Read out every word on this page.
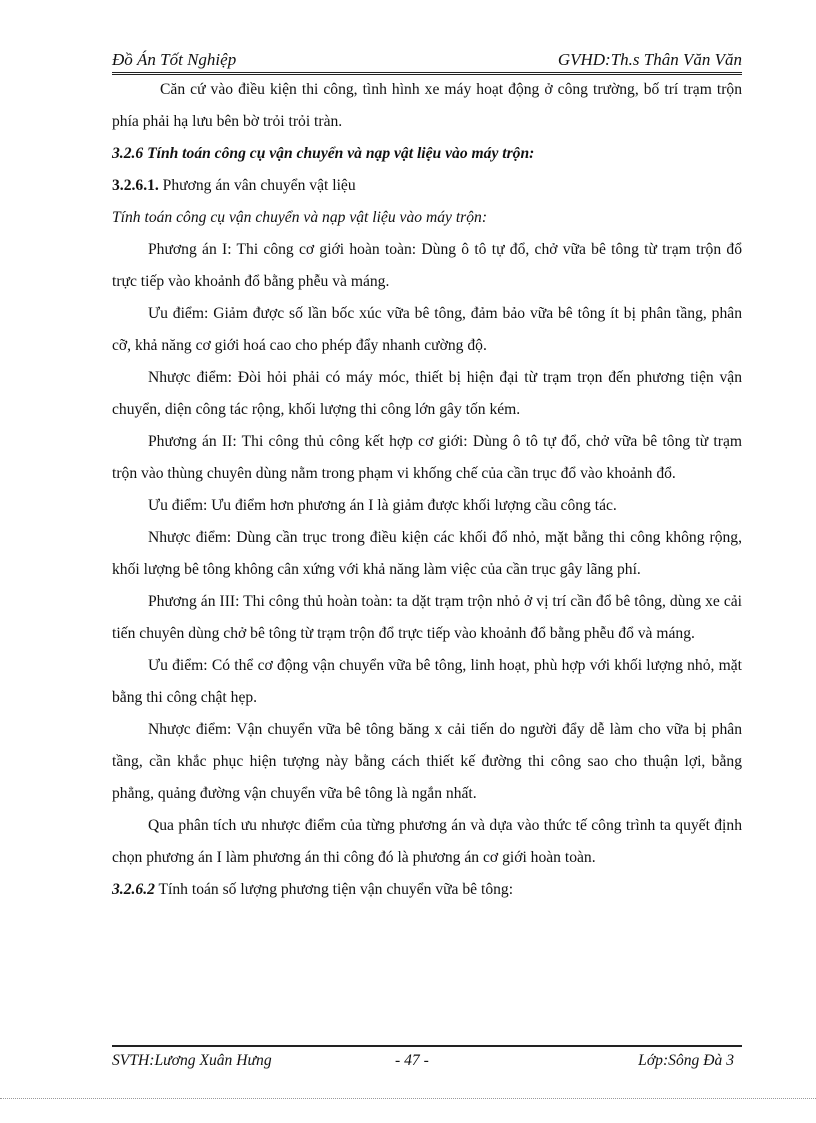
Đồ Án Tốt Nghiệp	GVHD:Th.s Thân Văn Văn

Căn cứ vào điều kiện thi công, tình hình xe máy hoạt động ở công trường, bố trí trạm trộn phía phải hạ lưu bên bờ trỏi trỏi tràn.

3.2.6 Tính toán công cụ vận chuyển và nạp vật liệu vào máy trộn:

3.2.6.1. Phương án vân chuyển vật liệu

Tính toán công cụ vận chuyển và nạp vật liệu vào máy trộn:

Phương án I: Thi công cơ giới hoàn toàn: Dùng ô tô tự đổ, chở vữa bê tông từ trạm trộn đổ trực tiếp vào khoảnh đổ bằng phễu và máng.

Ưu điểm: Giảm được số lần bốc xúc vữa bê tông, đảm bảo vữa bê tông ít bị phân tầng, phân cỡ, khả năng cơ giới hoá cao cho phép đẩy nhanh cường độ.

Nhược điểm: Đòi hỏi phải có máy móc, thiết bị hiện đại từ trạm trọn đến phương tiện vận chuyển, diện công tác rộng, khối lượng thi công lớn gây tốn kém.

Phương án II: Thi công thủ công kết hợp cơ giới: Dùng ô tô tự đổ, chở vữa bê tông từ trạm trộn vào thùng chuyên dùng nằm trong phạm vi khống chế của cần trục đổ vào khoảnh đổ.

Ưu điểm: Ưu điểm hơn phương án I là giảm được khối lượng cầu công tác.

Nhược điểm: Dùng cần trục trong điều kiện các khối đổ nhỏ, mặt bằng thi công không rộng, khối lượng bê tông không cân xứng với khả năng làm việc của cần trục gây lãng phí.

Phương án III: Thi công thủ hoàn toàn: ta dặt trạm trộn nhỏ ở vị trí cần đổ bê tông, dùng xe cải tiến chuyên dùng chở bê tông từ trạm trộn đổ trực tiếp vào khoảnh đổ bằng phễu đổ và máng.

Ưu điểm: Có thể cơ động vận chuyển vữa bê tông, linh hoạt, phù hợp với khối lượng nhỏ, mặt bằng thi công chật hẹp.

Nhược điểm: Vận chuyển vữa bê tông băng x cải tiến do người đẩy dễ làm cho vữa bị phân tầng, cần khắc phục hiện tượng này bằng cách thiết kế đường thi công sao cho thuận lợi, bằng phẳng, quảng đường vận chuyển vữa bê tông là ngắn nhất.

Qua phân tích ưu nhược điểm của từng phương án và dựa vào thức tế công trình ta quyết định chọn phương án I làm phương án thi công đó là phương án cơ giới hoàn toàn.

3.2.6.2 Tính toán số lượng phương tiện vận chuyển vữa bê tông:

SVTH:Lương Xuân Hưng	- 47 -	Lớp:Sông Đà 3
